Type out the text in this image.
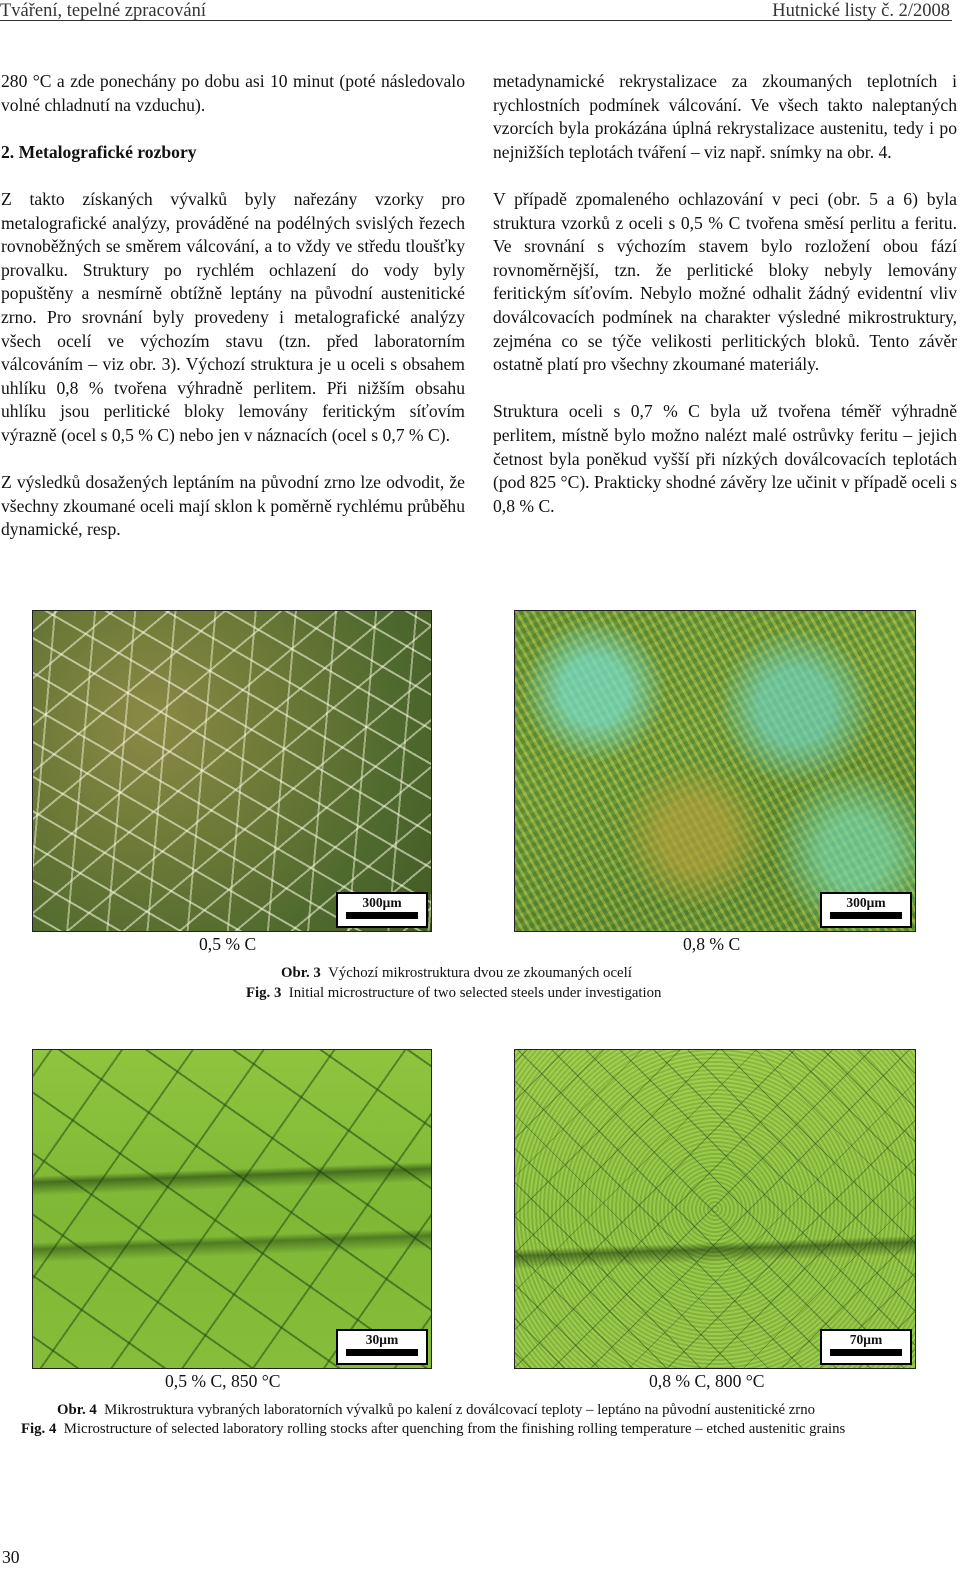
Tváření, tepelné zpracování	Hutnické listy č. 2/2008

280 °C a zde ponechány po dobu asi 10 minut (poté následovalo volné chladnutí na vzduchu).

2. Metalografické rozbory

Z takto získaných vývalků byly nařezány vzorky pro metalografické analýzy, prováděné na podélných svislých řezech rovnoběžných se směrem válcování, a to vždy ve středu tloušťky provalku. Struktury po rychlém ochlazení do vody byly popuštěny a nesmírně obtížně leptány na původní austenitické zrno. Pro srovnání byly provedeny i metalografické analýzy všech ocelí ve výchozím stavu (tzn. před laboratorním válcováním – viz obr. 3). Výchozí struktura je u oceli s obsahem uhlíku 0,8 % tvořena výhradně perlitem. Při nižším obsahu uhlíku jsou perlitické bloky lemovány feritickým síťovím výrazně (ocel s 0,5 % C) nebo jen v náznacích (ocel s 0,7 % C).

Z výsledků dosažených leptáním na původní zrno lze odvodit, že všechny zkoumané oceli mají sklon k poměrně rychlému průběhu dynamické, resp.

metadynamické rekrystalizace za zkoumaných teplotních i rychlostních podmínek válcování. Ve všech takto naleptaných vzorcích byla prokázána úplná rekrystalizace austenitu, tedy i po nejnižších teplotách tváření – viz např. snímky na obr. 4.

V případě zpomaleného ochlazování v peci (obr. 5 a 6) byla struktura vzorků z oceli s 0,5 % C tvořena směsí perlitu a feritu. Ve srovnání s výchozím stavem bylo rozložení obou fází rovnoměrnější, tzn. že perlitické bloky nebyly lemovány feritickým síťovím. Nebylo možné odhalit žádný evidentní vliv doválcovacích podmínek na charakter výsledné mikrostruktury, zejména co se týče velikosti perlitických bloků. Tento závěr ostatně platí pro všechny zkoumané materiály.

Struktura oceli s 0,7 % C byla už tvořena téměř výhradně perlitem, místně bylo možno nalézt malé ostrůvky feritu – jejich četnost byla poněkud vyšší při nízkých doválcovacích teplotách (pod 825 °C). Prakticky shodné závěry lze učinit v případě oceli s 0,8 % C.

300μm	300μm
0,5 % C	0,8 % C
Obr. 3 Výchozí mikrostruktura dvou ze zkoumaných ocelí
Fig. 3 Initial microstructure of two selected steels under investigation
30μm	70μm
0,5 % C, 850 °C	0,8 % C, 800 °C
Obr. 4 Mikrostruktura vybraných laboratorních vývalků po kalení z doválcovací teploty – leptáno na původní austenitické zrno
Fig. 4 Microstructure of selected laboratory rolling stocks after quenching from the finishing rolling temperature – etched austenitic grains
30
